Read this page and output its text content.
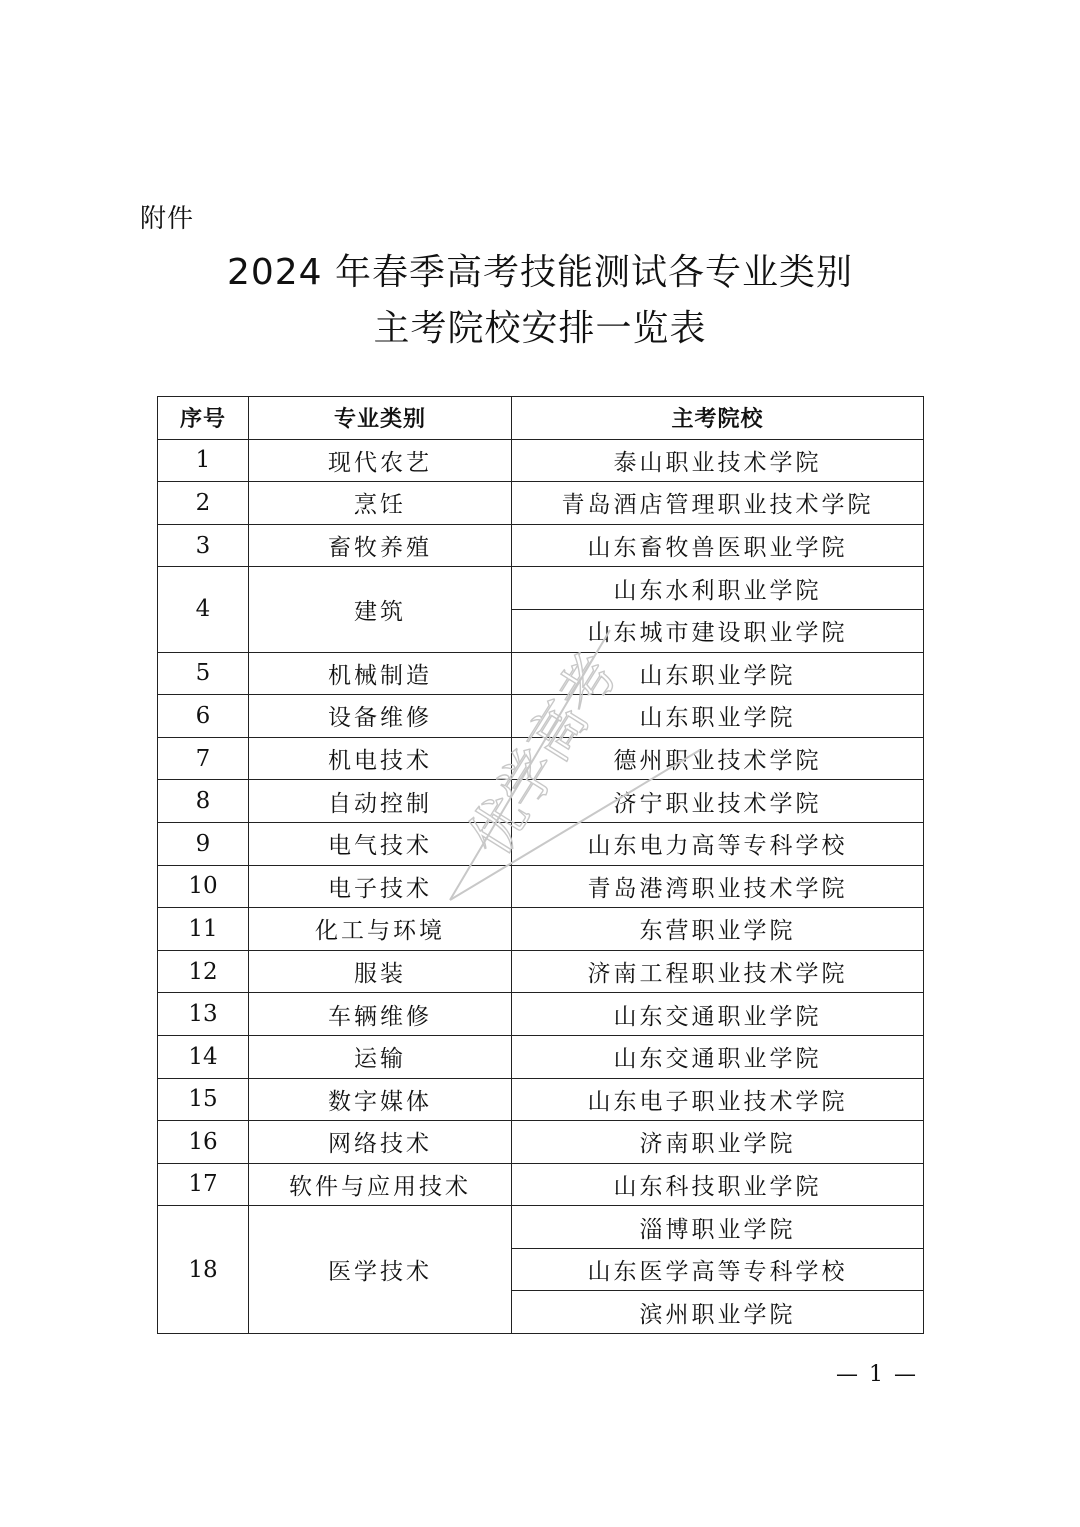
附件
2024 年春季高考技能测试各专业类别
主考院校安排一览表
序号	专业类别	主考院校
1	现代农艺	泰山职业技术学院
2	烹饪	青岛酒店管理职业技术学院
3	畜牧养殖	山东畜牧兽医职业学院
4	建筑	山东水利职业学院
		山东城市建设职业学院
5	机械制造	山东职业学院
6	设备维修	山东职业学院
7	机电技术	德州职业技术学院
8	自动控制	济宁职业技术学院
9	电气技术	山东电力高等专科学校
10	电子技术	青岛港湾职业技术学院
11	化工与环境	东营职业学院
12	服装	济南工程职业技术学院
13	车辆维修	山东交通职业学院
14	运输	山东交通职业学院
15	数字媒体	山东电子职业技术学院
16	网络技术	济南职业学院
17	软件与应用技术	山东科技职业学院
18	医学技术	淄博职业学院
		山东医学高等专科学校
		滨州职业学院
优学高考
— 1 —
